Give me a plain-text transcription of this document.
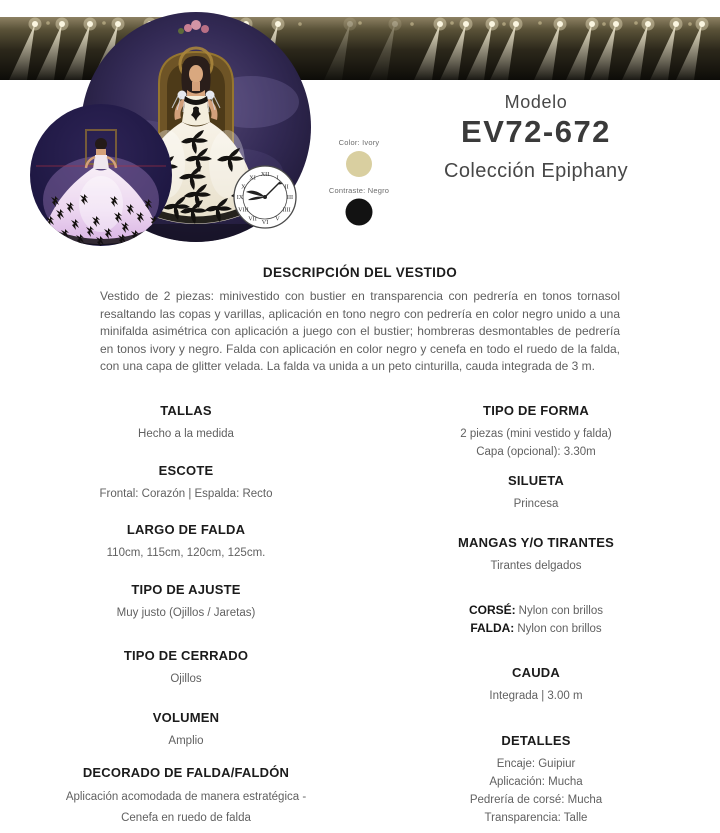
XII I
II
III
IIII
V
VI
VII
VIII
IX
X
XI
Color: Ivory
Contraste: Negro
Modelo
EV72-672
Colección Epiphany
DESCRIPCIÓN DEL VESTIDO
Vestido de 2 piezas: minivestido con bustier en transparencia con pedrería en tonos tornasol resaltando las copas y varillas, aplicación en tono negro con pedrería en color negro unido a una minifalda asimétrica con aplicación a juego con el bustier; hombreras desmontables de pedrería en tonos ivory y negro. Falda con aplicación en color negro y cenefa en todo el ruedo de la falda, con una capa de glitter velada. La falda va unida a un peto cinturilla, cauda integrada de 3 m.
TALLAS

Hecho a la medida

ESCOTE

Frontal: Corazón | Espalda: Recto

LARGO DE FALDA

110cm, 115cm, 120cm, 125cm.

TIPO DE AJUSTE

Muy justo (Ojillos / Jaretas)

TIPO DE CERRADO

Ojillos

VOLUMEN

Amplio

DECORADO DE FALDA/FALDÓN

Aplicación acomodada de manera estratégica -

Cenefa en ruedo de falda

TIPO DE FORMA

2 piezas (mini vestido y falda)

Capa (opcional): 3.30m

SILUETA

Princesa

MANGAS Y/O TIRANTES

Tirantes delgados

CORSÉ: Nylon con brillos

FALDA: Nylon con brillos

CAUDA

Integrada | 3.00 m

DETALLES

Encaje: Guipiur

Aplicación: Mucha

Pedrería de corsé: Mucha

Transparencia: Talle
